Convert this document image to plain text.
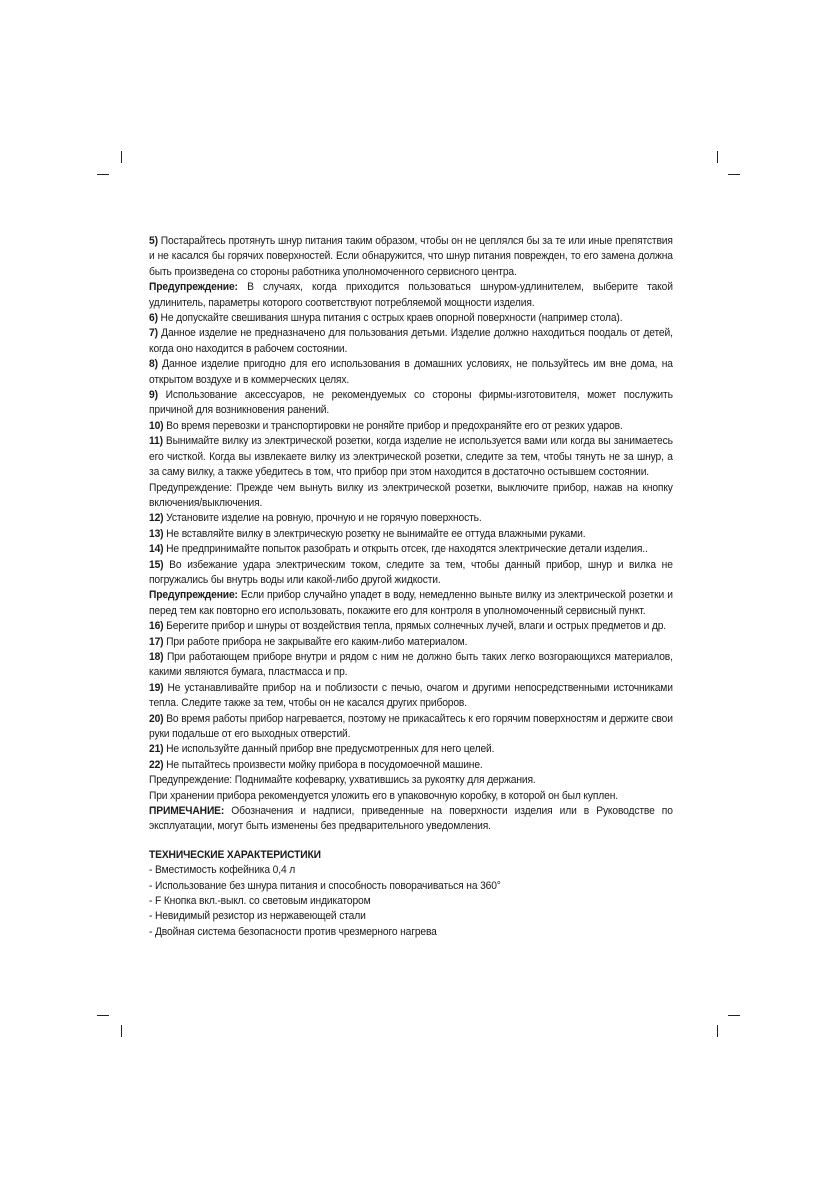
5) Постарайтесь протянуть шнур питания таким образом, чтобы он не цеплялся бы за те или иные препятствия и не касался бы горячих поверхностей. Если обнаружится, что шнур питания поврежден, то его замена должна быть произведена со стороны работника уполномоченного сервисного центра.

Предупреждение: В случаях, когда приходится пользоваться шнуром-удлинителем, выберите такой удлинитель, параметры которого соответствуют потребляемой мощности изделия.

6) Не допускайте свешивания шнура питания с острых краев опорной поверхности (например стола).

7) Данное изделие не предназначено для пользования детьми. Изделие должно находиться поодаль от детей, когда оно находится в рабочем состоянии.

8) Данное изделие пригодно для его использования в домашних условиях, не пользуйтесь им вне дома, на открытом воздухе и в коммерческих целях.

9) Использование аксессуаров, не рекомендуемых со стороны фирмы-изготовителя, может послужить причиной для возникновения ранений.

10) Во время перевозки и транспортировки не роняйте прибор и предохраняйте его от резких ударов.

11) Вынимайте вилку из электрической розетки, когда изделие не используется вами или когда вы занимаетесь его чисткой. Когда вы извлекаете вилку из электрической розетки, следите за тем, чтобы тянуть не за шнур, а за саму вилку, а также убедитесь в том, что прибор при этом находится в достаточно остывшем состоянии.

Предупреждение: Прежде чем вынуть вилку из электрической розетки, выключите прибор, нажав на кнопку включения/выключения.

12) Установите изделие на ровную, прочную и не горячую поверхность.

13) Не вставляйте вилку в электрическую розетку не вынимайте ее оттуда влажными руками.

14) Не предпринимайте попыток разобрать и открыть отсек, где находятся электрические детали изделия..

15) Во избежание удара электрическим током, следите за тем, чтобы данный прибор, шнур и вилка не погружались бы внутрь воды или какой-либо другой жидкости.

Предупреждение: Если прибор случайно упадет в воду, немедленно выньте вилку из электрической розетки и перед тем как повторно его использовать, покажите его для контроля в уполномоченный сервисный пункт.

16) Берегите прибор и шнуры от воздействия тепла, прямых солнечных лучей, влаги и острых предметов и др.

17) При работе прибора не закрывайте его каким-либо материалом.

18) При работающем приборе внутри и рядом с ним не должно быть таких легко возгорающихся материалов, какими являются бумага, пластмасса и пр.

19) Не устанавливайте прибор на и поблизости с печью, очагом и другими непосредственными источниками тепла. Следите также за тем, чтобы он не касался других приборов.

20) Во время работы прибор нагревается, поэтому не прикасайтесь к его горячим поверхностям и держите свои руки подальше от его выходных отверстий.

21) Не используйте данный прибор вне предусмотренных для него целей.

22) Не пытайтесь произвести мойку прибора в посудомоечной машине.

Предупреждение: Поднимайте кофеварку, ухватившись за рукоятку для держания.

При хранении прибора рекомендуется уложить его в упаковочную коробку, в которой он был куплен.

ПРИМЕЧАНИЕ: Обозначения и надписи, приведенные на поверхности изделия или в Руководстве по эксплуатации, могут быть изменены без предварительного уведомления.

ТЕХНИЧЕСКИЕ ХАРАКТЕРИСТИКИ

- Вместимость кофейника 0,4 л
- Использование без шнура питания и способность поворачиваться на 360°
- F Кнопка вкл.-выкл. со световым индикатором
- Невидимый резистор из нержавеющей стали
- Двойная система безопасности против чрезмерного нагрева
